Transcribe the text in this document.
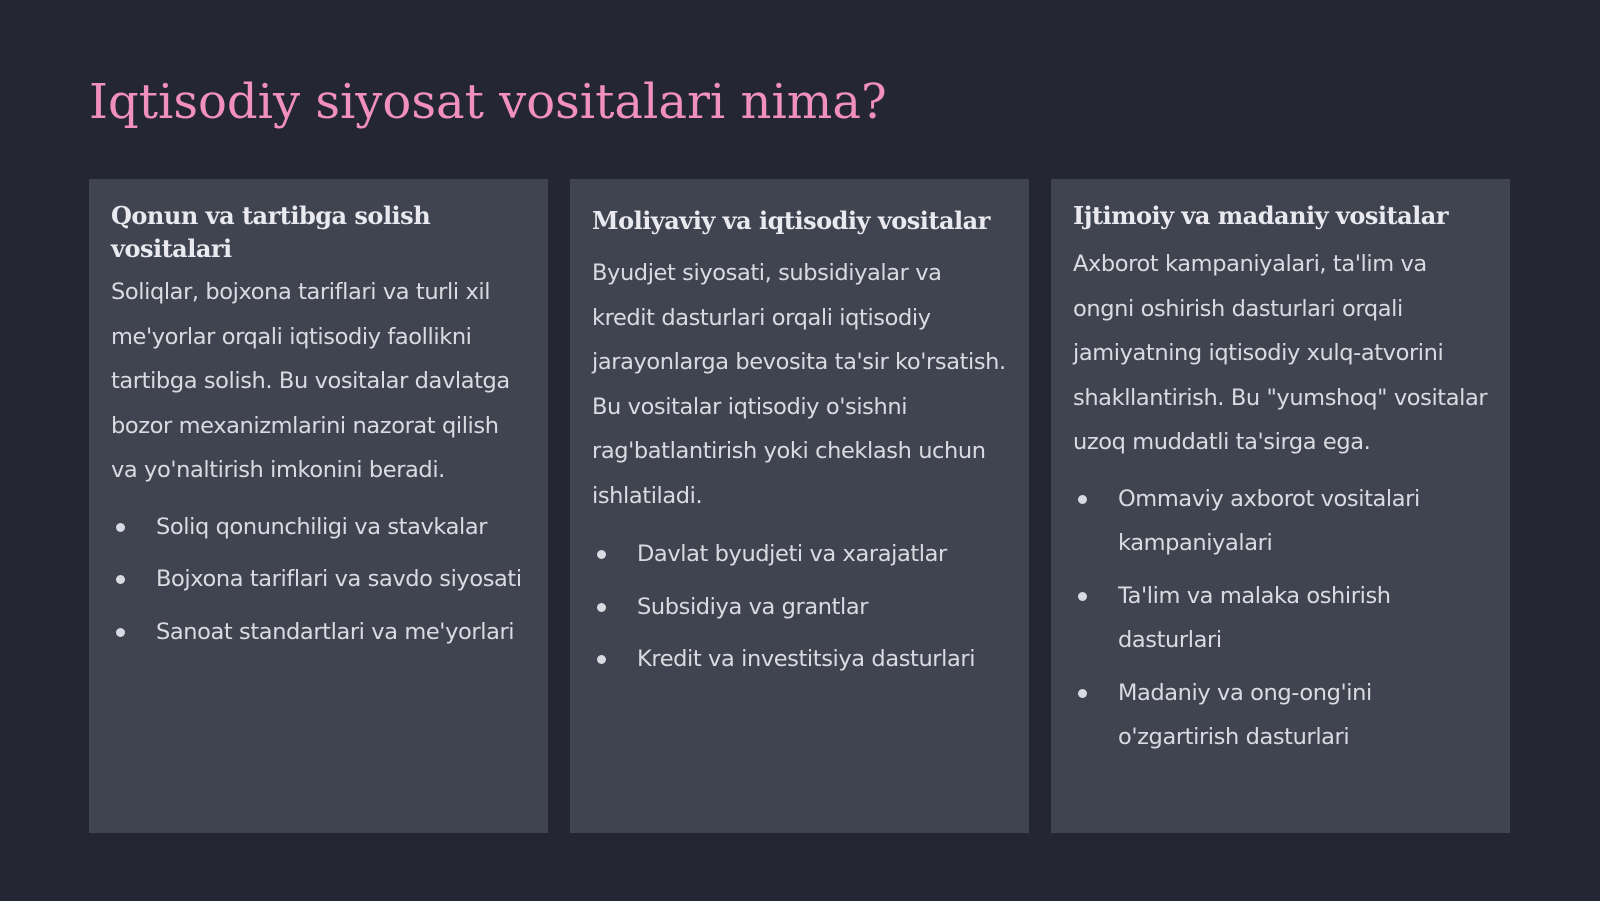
Iqtisodiy siyosat vositalari nima?
Qonun va tartibga solish vositalari

Soliqlar, bojxona tariflari va turli xil me'yorlar orqali iqtisodiy faollikni tartibga solish. Bu vositalar davlatga bozor mexanizmlarini nazorat qilish va yo'naltirish imkonini beradi.

Soliq qonunchiligi va stavkalar
Bojxona tariflari va savdo siyosati
Sanoat standartlari va me'yorlari
Moliyaviy va iqtisodiy vositalar

Byudjet siyosati, subsidiyalar va kredit dasturlari orqali iqtisodiy jarayonlarga bevosita ta'sir ko'rsatish. Bu vositalar iqtisodiy o'sishni rag'batlantirish yoki cheklash uchun ishlatiladi.

Davlat byudjeti va xarajatlar
Subsidiya va grantlar
Kredit va investitsiya dasturlari
Ijtimoiy va madaniy vositalar

Axborot kampaniyalari, ta'lim va ongni oshirish dasturlari orqali jamiyatning iqtisodiy xulq-atvorini shakllantirish. Bu "yumshoq" vositalar uzoq muddatli ta'sirga ega.

Ommaviy axborot vositalari kampaniyalari
Ta'lim va malaka oshirish dasturlari
Madaniy va ong-ong'ini o'zgartirish dasturlari
